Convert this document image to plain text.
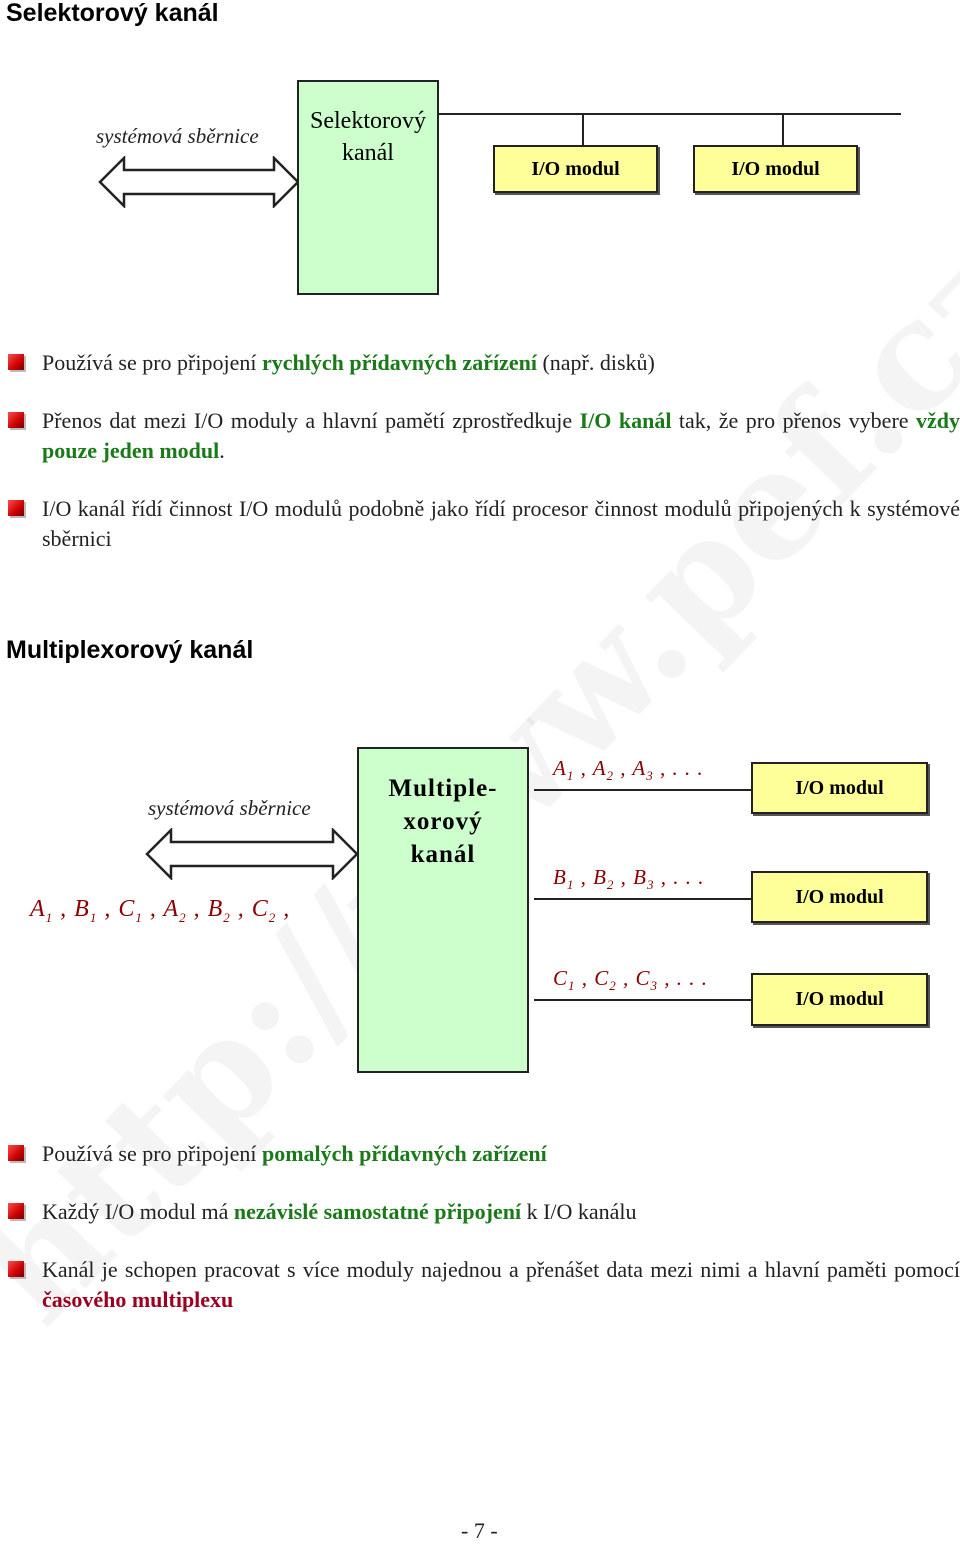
Selektorový kanál
systémová sběrnice
Selektorový
kanál
I/O modul	I/O modul
Používá se pro připojení rychlých přídavných zařízení (např. disků)
Přenos dat mezi I/O moduly a hlavní pamětí zprostředkuje I/O kanál tak, že pro přenos vybere vždy pouze jeden modul.
I/O kanál řídí činnost I/O modulů podobně jako řídí procesor činnost modulů připojených k systémové sběrnici
Multiplexorový kanál
systémová sběrnice
$A_1$ , $B_1$ , $C_1$ , $A_2$ , $B_2$ , $C_2$ ,
Multiple-
xorový
kanál
$A_1$ , $A_2$ , $A_3$ , . . .
I/O modul
$B_1$ , $B_2$ , $B_3$ , . . .
I/O modul
$C_1$ , $C_2$ , $C_3$ , . . .
I/O modul
Používá se pro připojení pomalých přídavných zařízení
Každý I/O modul má nezávislé samostatné připojení k I/O kanálu
Kanál je schopen pracovat s více moduly najednou a přenášet data mezi nimi a hlavní paměti pomocí časového multiplexu
- 7 -
